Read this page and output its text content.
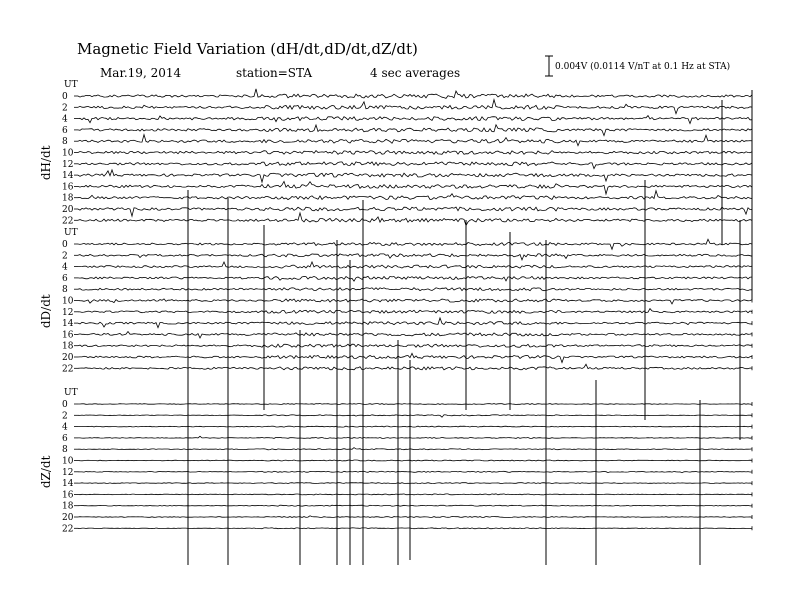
Magnetic Field Variation (dH/dt,dD/dt,dZ/dt)
Mar.19, 2014	station=STA	4 sec averages	0.004V (0.0114 V/nT at 0.1 Hz at STA)
UT
dH/dt
0
2
4
6
8
10
12
14
16
18
20
22
UT
dD/dt
0
2
4
6
8
10
12
14
16
18
20
22
UT
dZ/dt
0
2
4
6
8
10
12
14
16
18
20
22
